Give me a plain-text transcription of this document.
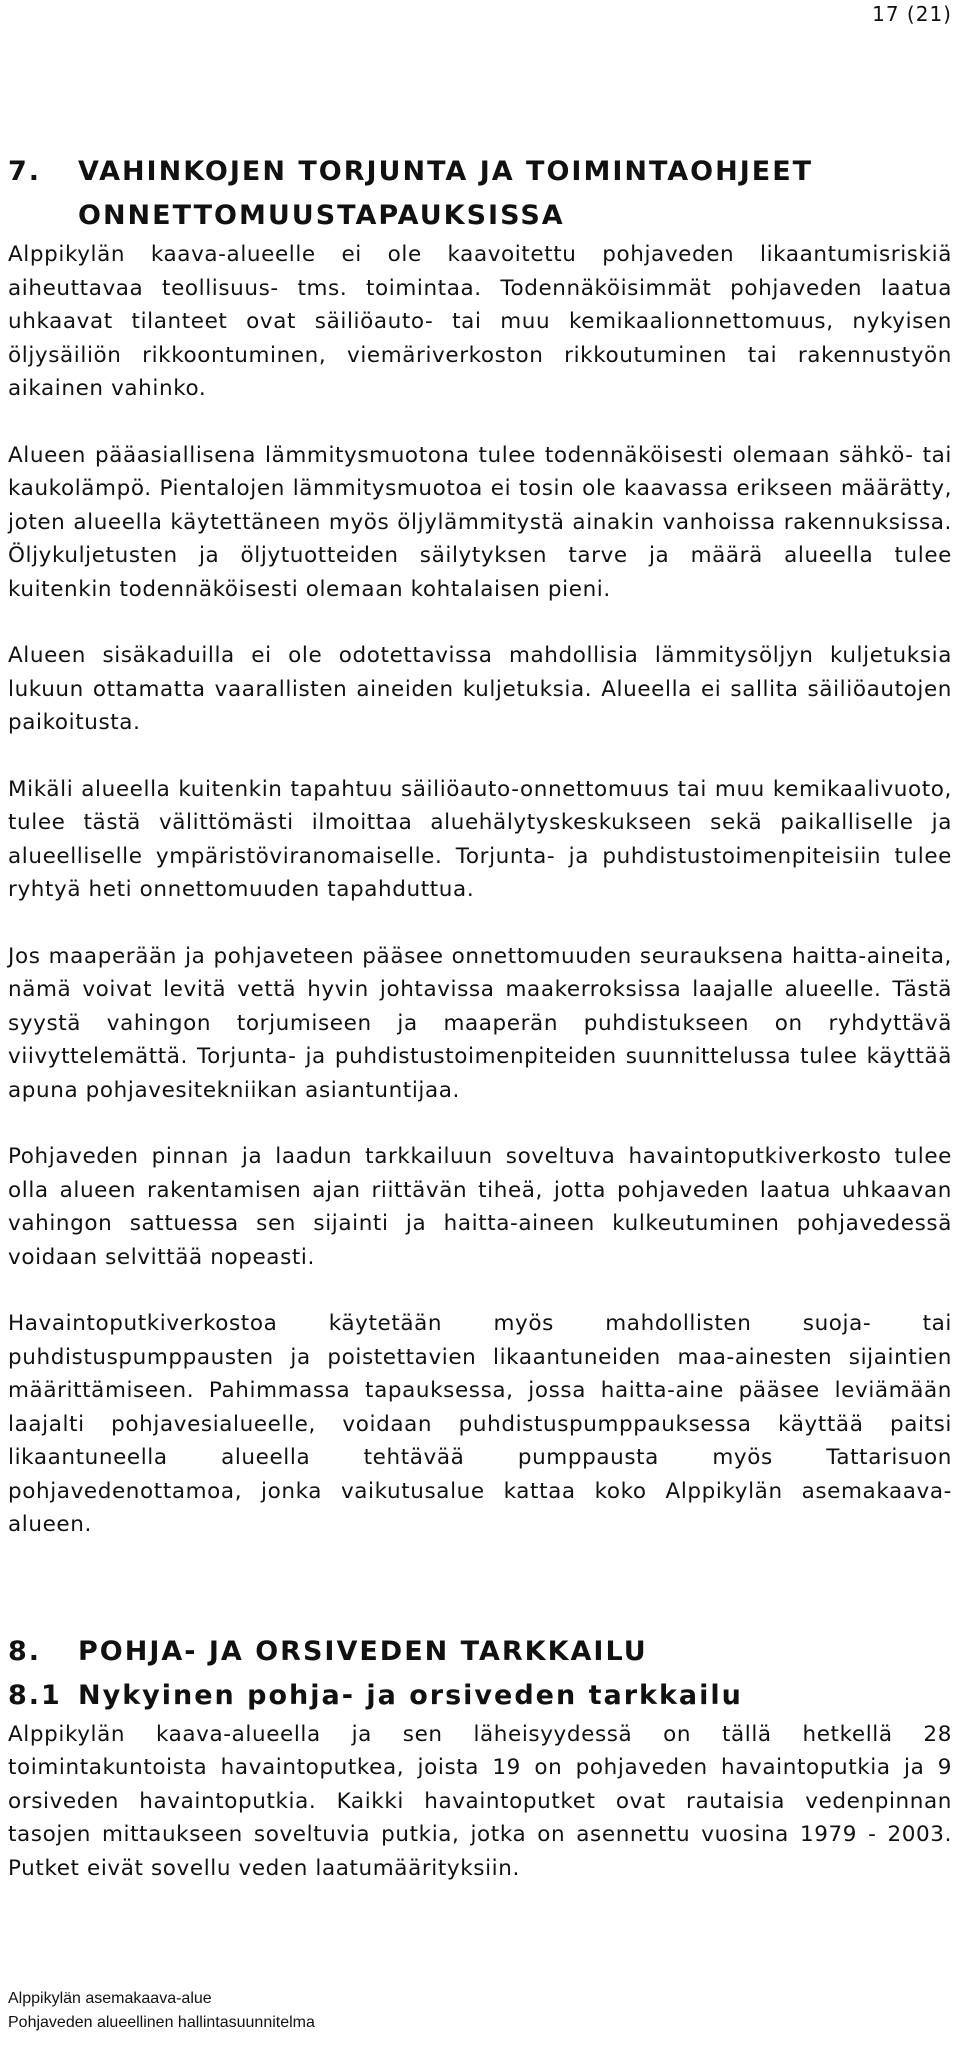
17 (21)
7.	VAHINKOJEN TORJUNTA JA TOIMINTAOHJEET ONNETTOMUUSTAPAUKSISSA

Alppikylän kaava-alueelle ei ole kaavoitettu pohjaveden likaantumisriskiä aiheuttavaa teollisuus- tms. toimintaa. Todennäköisimmät pohjaveden laatua uhkaavat tilanteet ovat säiliöauto- tai muu kemikaalionnettomuus, nykyisen öljysäiliön rikkoontuminen, viemäriverkoston rikkoutuminen tai rakennustyön aikainen vahinko.

Alueen pääasiallisena lämmitysmuotona tulee todennäköisesti olemaan sähkö- tai kaukolämpö. Pientalojen lämmitysmuotoa ei tosin ole kaavassa erikseen määrätty, joten alueella käytettäneen myös öljylämmitystä ainakin vanhoissa rakennuksissa. Öljykuljetusten ja öljytuotteiden säilytyksen tarve ja määrä alueella tulee kuitenkin todennäköisesti olemaan kohtalaisen pieni.

Alueen sisäkaduilla ei ole odotettavissa mahdollisia lämmitysöljyn kuljetuksia lukuun ottamatta vaarallisten aineiden kuljetuksia. Alueella ei sallita säiliöautojen paikoitusta.

Mikäli alueella kuitenkin tapahtuu säiliöauto-onnettomuus tai muu kemikaalivuoto, tulee tästä välittömästi ilmoittaa aluehälytyskeskukseen sekä paikalliselle ja alueelliselle ympäristöviranomaiselle. Torjunta- ja puhdistustoimenpiteisiin tulee ryhtyä heti onnettomuuden tapahduttua.

Jos maaperään ja pohjaveteen pääsee onnettomuuden seurauksena haitta-aineita, nämä voivat levitä vettä hyvin johtavissa maakerroksissa laajalle alueelle. Tästä syystä vahingon torjumiseen ja maaperän puhdistukseen on ryhdyttävä viivyttelemättä. Torjunta- ja puhdistustoimenpiteiden suunnittelussa tulee käyttää apuna pohjavesitekniikan asiantuntijaa.

Pohjaveden pinnan ja laadun tarkkailuun soveltuva havaintoputkiverkosto tulee olla alueen rakentamisen ajan riittävän tiheä, jotta pohjaveden laatua uhkaavan vahingon sattuessa sen sijainti ja haitta-aineen kulkeutuminen pohjavedessä voidaan selvittää nopeasti.

Havaintoputkiverkostoa käytetään myös mahdollisten suoja- tai puhdistuspumppausten ja poistettavien likaantuneiden maa-ainesten sijaintien määrittämiseen. Pahimmassa tapauksessa, jossa haitta-aine pääsee leviämään laajalti pohjavesialueelle, voidaan puhdistuspumppauksessa käyttää paitsi likaantuneella alueella tehtävää pumppausta myös Tattarisuon pohjavedenottamoa, jonka vaikutusalue kattaa koko Alppikylän asemakaava-alueen.

8.	POHJA- JA ORSIVEDEN TARKKAILU
8.1 Nykyinen pohja- ja orsiveden tarkkailu

Alppikylän kaava-alueella ja sen läheisyydessä on tällä hetkellä 28 toimintakuntoista havaintoputkea, joista 19 on pohjaveden havaintoputkia ja 9 orsiveden havaintoputkia. Kaikki havaintoputket ovat rautaisia vedenpinnan tasojen mittaukseen soveltuvia putkia, jotka on asennettu vuosina 1979 - 2003. Putket eivät sovellu veden laatumäärityksiin.

Alppikylän asemakaava-alue
Pohjaveden alueellinen hallintasuunnitelma
